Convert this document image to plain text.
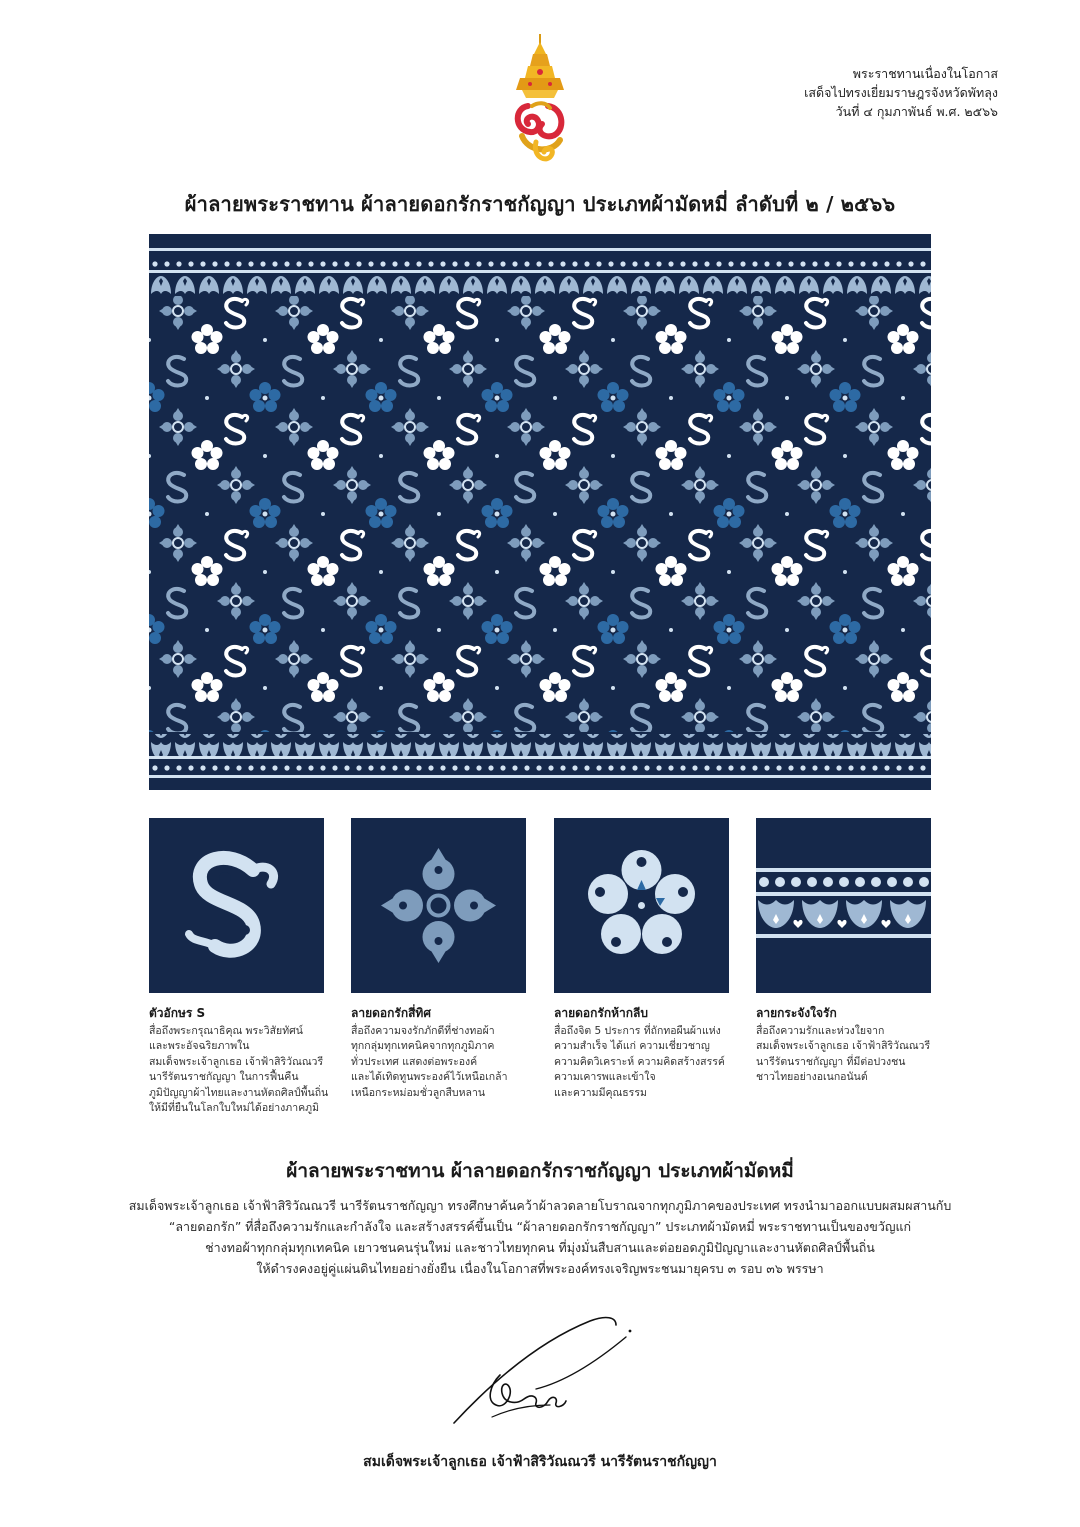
พระราชทานเนื่องในโอกาส
เสด็จไปทรงเยี่ยมราษฎรจังหวัดพัทลุง
วันที่ ๔ กุมภาพันธ์ พ.ศ. ๒๕๖๖
ผ้าลายพระราชทาน ผ้าลายดอกรักราชกัญญา ประเภทผ้ามัดหมี่ ลำดับที่ ๒ / ๒๕๖๖
ตัวอักษร S
สื่อถึงพระกรุณาธิคุณ พระวิสัยทัศน์
และพระอัจฉริยภาพใน
สมเด็จพระเจ้าลูกเธอ เจ้าฟ้าสิริวัณณวรี
นารีรัตนราชกัญญา ในการฟื้นคืน
ภูมิปัญญาผ้าไทยและงานหัตถศิลป์พื้นถิ่น
ให้มีที่ยืนในโลกใบใหม่ได้อย่างภาคภูมิ
ลายดอกรักสี่ทิศ
สื่อถึงความจงรักภักดีที่ช่างทอผ้า
ทุกกลุ่มทุกเทคนิคจากทุกภูมิภาค
ทั่วประเทศ แสดงต่อพระองค์
และได้เทิดทูนพระองค์ไว้เหนือเกล้า
เหนือกระหม่อมชั่วลูกสืบหลาน
ลายดอกรักห้ากลีบ
สื่อถึงจิต 5 ประการ ที่ถักทอผืนผ้าแห่ง
ความสำเร็จ ได้แก่ ความเชี่ยวชาญ
ความคิดวิเคราะห์ ความคิดสร้างสรรค์
ความเคารพและเข้าใจ
และความมีคุณธรรม
ลายกระจังใจรัก
สื่อถึงความรักและห่วงใยจาก
สมเด็จพระเจ้าลูกเธอ เจ้าฟ้าสิริวัณณวรี
นารีรัตนราชกัญญา ที่มีต่อปวงชน
ชาวไทยอย่างอเนกอนันต์
ผ้าลายพระราชทาน ผ้าลายดอกรักราชกัญญา ประเภทผ้ามัดหมี่
สมเด็จพระเจ้าลูกเธอ เจ้าฟ้าสิริวัณณวรี นารีรัตนราชกัญญา ทรงศึกษาค้นคว้าผ้าลวดลายโบราณจากทุกภูมิภาคของประเทศ ทรงนำมาออกแบบผสมผสานกับ
“ลายดอกรัก” ที่สื่อถึงความรักและกำลังใจ และสร้างสรรค์ขึ้นเป็น “ผ้าลายดอกรักราชกัญญา” ประเภทผ้ามัดหมี่ พระราชทานเป็นของขวัญแก่
ช่างทอผ้าทุกกลุ่มทุกเทคนิค เยาวชนคนรุ่นใหม่ และชาวไทยทุกคน ที่มุ่งมั่นสืบสานและต่อยอดภูมิปัญญาและงานหัตถศิลป์พื้นถิ่น
ให้ดำรงคงอยู่คู่แผ่นดินไทยอย่างยั่งยืน เนื่องในโอกาสที่พระองค์ทรงเจริญพระชนมายุครบ ๓ รอบ ๓๖ พรรษา
สมเด็จพระเจ้าลูกเธอ เจ้าฟ้าสิริวัณณวรี นารีรัตนราชกัญญา
